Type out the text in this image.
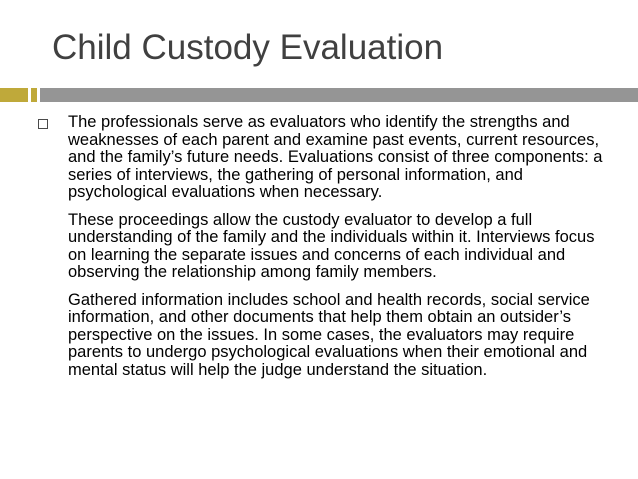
Child Custody Evaluation

The professionals serve as evaluators who identify the strengths and weaknesses of each parent and examine past events, current resources, and the family’s future needs. Evaluations consist of three components: a series of interviews, the gathering of personal information, and psychological evaluations when necessary.

These proceedings allow the custody evaluator to develop a full understanding of the family and the individuals within it. Interviews focus on learning the separate issues and concerns of each individual and observing the relationship among family members.

Gathered information includes school and health records, social service information, and other documents that help them obtain an outsider’s perspective on the issues. In some cases, the evaluators may require parents to undergo psychological evaluations when their emotional and mental status will help the judge understand the situation.
